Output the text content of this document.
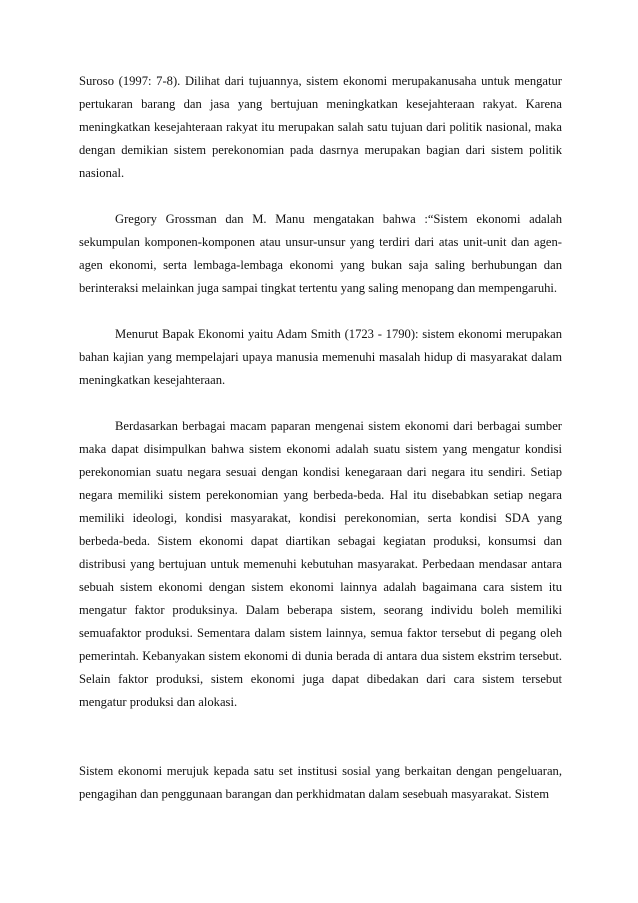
Suroso (1997: 7-8). Dilihat dari tujuannya, sistem ekonomi merupakanusaha untuk mengatur pertukaran barang dan jasa yang bertujuan meningkatkan kesejahteraan rakyat. Karena meningkatkan kesejahteraan rakyat itu merupakan salah satu tujuan dari politik nasional, maka dengan demikian sistem perekonomian pada dasrnya merupakan bagian dari sistem politik nasional.

Gregory Grossman dan M. Manu mengatakan bahwa :“Sistem ekonomi adalah sekumpulan komponen-komponen atau unsur-unsur yang terdiri dari atas unit-unit dan agen-agen ekonomi, serta lembaga-lembaga ekonomi yang bukan saja saling berhubungan dan berinteraksi melainkan juga sampai tingkat tertentu yang saling menopang dan mempengaruhi.

Menurut Bapak Ekonomi yaitu Adam Smith (1723 - 1790): sistem ekonomi merupakan bahan kajian yang mempelajari upaya manusia memenuhi masalah hidup di masyarakat dalam meningkatkan kesejahteraan.

Berdasarkan berbagai macam paparan mengenai sistem ekonomi dari berbagai sumber maka dapat disimpulkan bahwa sistem ekonomi adalah suatu sistem yang mengatur kondisi perekonomian suatu negara sesuai dengan kondisi kenegaraan dari negara itu sendiri. Setiap negara memiliki sistem perekonomian yang berbeda-beda. Hal itu disebabkan setiap negara memiliki ideologi, kondisi masyarakat, kondisi perekonomian, serta kondisi SDA yang berbeda-beda. Sistem ekonomi dapat diartikan sebagai kegiatan produksi, konsumsi dan distribusi yang bertujuan untuk memenuhi kebutuhan masyarakat. Perbedaan mendasar antara sebuah sistem ekonomi dengan sistem ekonomi lainnya adalah bagaimana cara sistem itu mengatur faktor produksinya. Dalam beberapa sistem, seorang individu boleh memiliki semuafaktor produksi. Sementara dalam sistem lainnya, semua faktor tersebut di pegang oleh pemerintah. Kebanyakan sistem ekonomi di dunia berada di antara dua sistem ekstrim tersebut. Selain faktor produksi, sistem ekonomi juga dapat dibedakan dari cara sistem tersebut mengatur produksi dan alokasi.

Sistem ekonomi merujuk kepada satu set institusi sosial yang berkaitan dengan pengeluaran, pengagihan dan penggunaan barangan dan perkhidmatan dalam sesebuah masyarakat. Sistem
